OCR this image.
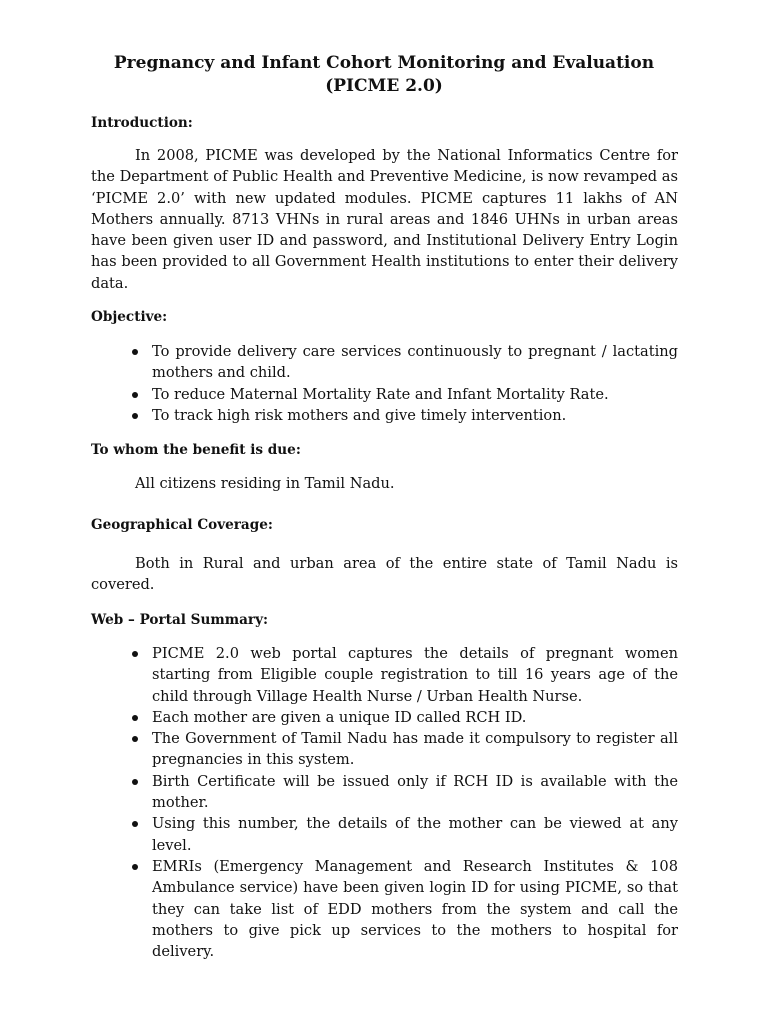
Pregnancy and Infant Cohort Monitoring and Evaluation
(PICME 2.0)
Introduction:
In 2008, PICME was developed by the National Informatics Centre for the Department of Public Health and Preventive Medicine, is now revamped as ‘PICME 2.0’ with new updated modules. PICME captures 11 lakhs of AN Mothers annually. 8713 VHNs in rural areas and 1846 UHNs in urban areas have been given user ID and password, and Institutional Delivery Entry Login has been provided to all Government Health institutions to enter their delivery data.
Objective:
To provide delivery care services continuously to pregnant / lactating mothers and child.
To reduce Maternal Mortality Rate and Infant Mortality Rate.
To track high risk mothers and give timely intervention.
To whom the benefit is due:
All citizens residing in Tamil Nadu.
Geographical Coverage:
Both in Rural and urban area of the entire state of Tamil Nadu is covered.
Web – Portal Summary:
PICME 2.0 web portal captures the details of pregnant women starting from Eligible couple registration to till 16 years age of the child through Village Health Nurse / Urban Health Nurse.
Each mother are given a unique ID called RCH ID.
The Government of Tamil Nadu has made it compulsory to register all pregnancies in this system.
Birth Certificate will be issued only if RCH ID is available with the mother.
Using this number, the details of the mother can be viewed at any level.
EMRIs (Emergency Management and Research Institutes & 108 Ambulance service) have been given login ID for using PICME, so that they can take list of EDD mothers from the system and call the mothers to give pick up services to the mothers to hospital for delivery.
